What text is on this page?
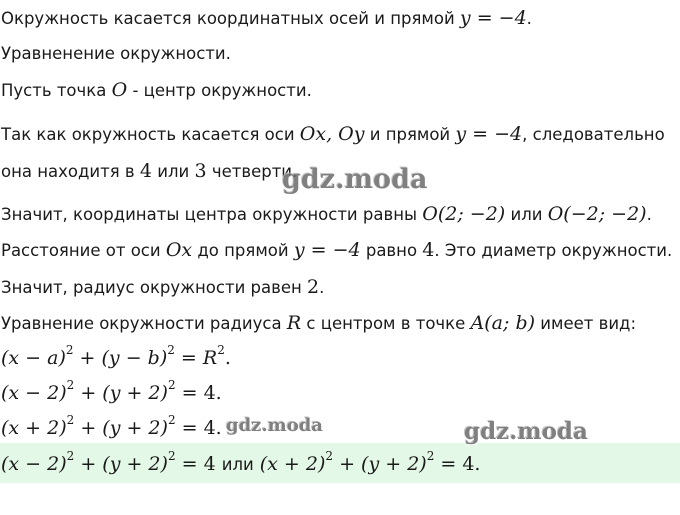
Окружность касается координатных осей и прямой y = −4.
Уравненение окружности.
Пусть точка O - центр окружности.
Так как окружность касается оси Ox, Oy и прямой y = −4, следовательно
она находитя в 4 или 3 четверти.
Значит, координаты центра окружности равны O(2; −2) или O(−2; −2).
Расстояние от оси Ox до прямой y = −4 равно 4. Это диаметр окружности.
Значит, радиус окружности равен 2.
Уравнение окружности радиуса R с центром в точке A(a; b) имеет вид:
$(x - a)^2 + (y - b)^2 = R^2$.
$(x - 2)^2 + (y + 2)^2 = 4$.
$(x + 2)^2 + (y + 2)^2 = 4$.
$(x - 2)^2 + (y + 2)^2 = 4$ или $(x + 2)^2 + (y + 2)^2 = 4$.
gdz.moda
gdz.moda	gdz.moda
